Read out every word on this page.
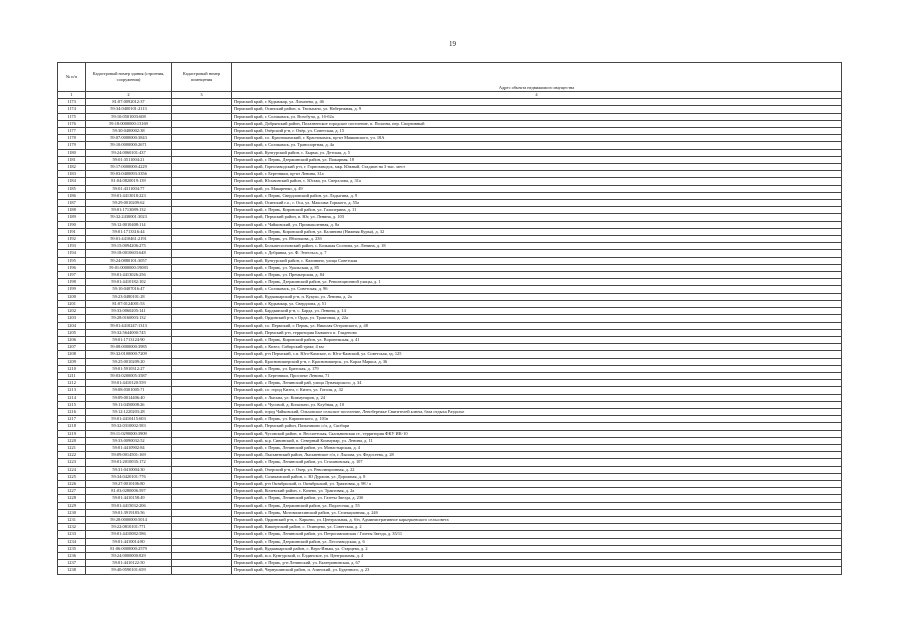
19
№ п/п	Кадастровый номер здания (строения, сооружения)	Кадастровый номер помещения	Адрес объекта недвижимого имущества
1	2	3	4
1173	81:07:0092012:37		Пермский край, г. Кудымкар, ул. Лихачева, д. 46
1174	59:34:0400101:2113		Пермский край, Осинский район, п. Тюльпано, ул. Набережная, д. 9
1175	59:10:0501003:608		Пермский край, г. Соликамск, ул. Всеобуча, д. 1б-б2а
1176	59:18:0000000:13169		Пермский край, Добрянский район, Полазненское городское поселение, п. Полазна, пер. Спортивный
1177	59:30:0400002:38		Пермский край, Очёрский р-н, г. Очёр, ул. Советская, д. 15
1178	59:07:0000000:3843		Пермский край, г.о. Краснокамский, г. Краснокамск, пр-кт Маяковского, уч. 18А
1179	59:10:0000000:2671		Пермский край, г. Соликамск, ул. Транспортная, д. 4а
1180	59:24:0060101:437		Пермский край, Кунгурский район, с. Бырма, ул. Детская, д. 5
1181	59:01:3511004:21		Пермский край, г. Пермь, Дзержинский район, ул. Пожарная, 18
1182	59:17:0000000:4229		Пермский край, Горнозаводский р-н, г. Горнозаводск, мкр. Южный, Стадион на 3 тыс. мест
1183	59:03:0400093:3356		Пермский край, г. Березники, пр-кт Ленина, 31а
1184	81:04:0820019:139		Пермский край, Юсьвинский район, с. Юсьва, ул. Сверхлова, д. 31а
1185	59:01:4311004:77		Пермский край, ул. Макаренко, д. 49
1186	59:01:4413018:223		Пермский край, г. Пермь, Свердловский район, ул. Ладыгина, д. 9
1187	59:29:0010209:62		Пермский край, Осинский г.о., г. Оса, ул. Максима Горького, д. 55а
1188	59:01:1713089:132		Пермский край, г. Пермь, Кировский район, ул. Гальперина, д. 11
1189	59:32:2430001:3023		Пермский край, Пермский район, п. Юг, ул. Ленина, д. 103
1190	59:12:0010408:114		Пермский край, г. Чайковский, ул. Промышленная, д. 8а
1191	59:01:1713316:44		Пермский край, г. Пермь, Кировский район, ул. Калинина (Нижняя Курья), д. 32
1192	59:01:4410461:2191		Пермский край, г. Пермь, ул. Яблочкова, д. 23б
1193	59:15:0094206:275		Пермский край, Большесосновский район, с. Большая Соснова, ул. Ленина, д. 18
1194	59:18:0010603:648		Пермский край, г. Добрянка, ул. Ф. Энгельса, д. 7
1195	59:24:0880101:3057		Пермский край, Кунгурский район, с. Калинино, улица Советская
1196	59:01:0000000:19083		Пермский край, г. Пермь, ул. Уральская, д. 85
1197	59:01:4413026:256		Пермский край, г. Пермь, ул. Премьерская, д. 84
1198	59:01:4410182:102		Пермский край, г. Пермь, Дзержинский район, ул. Революционной улицы, д. 1
1199	59:10:0407016:47		Пермский край, г. Соликамск, ул. Советская, д. 96
1200	59:23:0480101:28		Пермский край, Кудымкарский р-н, п. Кукуш, ул. Ленина, д. 2а
1201	81:07:0124001:53		Пермский край, г. Кудымкар, ул. Свердлова, д. 51
1202	59:33:0060205:141		Пермский край, Бардымский р-н, с. Барда, ул. Ленина, д. 14
1203	59:28:0160003:132		Пермский край, Ординский р-н, с Орда, ул. Трактовая, д. 22а
1204	59:01:4410247:1313		Пермский край, г.о. Пермский, г. Пермь, ул. Николая Островского, д. 48
1205	59:32:5644000:745		Пермский край, Пермский р-н, территория Бывшего п. Гляденово
1206	59:01:1713124:90		Пермский край, г. Пермь, Кировский район, ул. Воронежская, д. 41
1207	59:08:0000000:3985		Пермский край, г. Кизел, Сибирский тракт, 4 км
1208	59:32:0100000:7209		Пермский край, р-н Пермский, с.п. Юго-Камское, п. Юго-Камский, ул. Советская, зд. 125
1209	59:25:0010209:20		Пермский край, Красновишерский р-н, г. Красновишерск, ул. Карла Маркса, д. 36
1210	59:01:5910312:27		Пермский край, г. Пермь, ул. Братская, д. 179
1211	59:03:0200005:3587		Пермский край, г. Березники, Проспект Ленина, 71
1212	59:01:4410120:559		Пермский край, г. Пермь, Ленинский рай, улица Луначарского, д. 34
1213	59:08:0301005:71		Пермский край, г.о. город Кизел, г. Кизел, ул. Гоголя, д. 32
1214	59:09:0014406:40		Пермский край, г. Лысьва, ул. Коммунаров, д. 24
1215	59:11:0450008:26		Пермский край, г. Чусовой, д. Копально, ул. Клубная, д. 10
1216	59:12:1220203:28		Пермский край, город Чайковский, Ольховское сельское поселение, Ленобережье Святителей ключа, база отдыха Раздолье
1217	59:01:4410415:603		Пермский край, г. Пермь, ул. Карпинского, д. 101в
1218	59:32:0310002:583		Пермский край, Пермский район, Пальниково с/п, д. Скобари
1219	59:11:0290000:3909		Пермский край, Чусовской район, п. Вессиетская, Скальнинская ст., территория ФКУ ИК-10
1220	59:33:0090032:52		Пермский край, м.р. Сивинский, п. Северный Коммунар, ул. Ленина, д. 11
1221	59:01:4410902:84		Пермский край, г. Пермь, Ленинский район, ул. Монастырская, д. 4
1222	59:09:0014501:169		Пермский край, Лысьвенский район, Лысьвенское г/п, г. Лысьва, ул. Федосеева, д. 28
1223	59:01:2010035:172		Пермский край, г. Пермь, Ленинский район, ул. Стахановская, д. 107
1224	59:31:0410004:30		Пермский край, Очерский р-н, г. Очер, ул. Революционная, д. 22
1225	59:34:0420101:776		Пермский край, Соликамский район, с. Ю Дурашн, ул. Дорожная, д. 8
1226	59:27:0010106:80		Пермский край, р-н Октябрьский, п. Октябрьский, ул. Трактовая, д. 98 / а
1227	81:03:0280006:597		Пермский край, Кочевский район, с. Кочево, ул. Трактовая, д. 2а
1228	59:01:4410158:49		Пермский край, г. Пермь, Ленинский район, ул. Газеты Звезда, д. 23б
1229	59:01:4415032:206		Пермский край, г. Пермь, Дзержинский район, ул. Подлесная, д. 55
1230	59:01:3919183:56		Пермский край, г. Пермь, Мотовилихинский район, ул. Селекционная, д. 24б
1231	59:28:0000000:5014		Пермский край, Ординский р-н, с. Карьево, ул. Центральная, д. б/н, Административное карьерьевского сельсовета
1232	59:22:0810101:771		Пермский край, Кишертский район, с. Осинцево, ул. Советская, д. 2
1233	59:01:4410082:586		Пермский край, г. Пермь, Ленинский район, ул. Петропавловская / Газеты Звезда, д. 35/11
1234	59:01:4410014:80		Пермский край, г. Пермь, Дзержинский район, ул. Лесозаводская, д. 6
1235	81:06:0000000:2579		Пермский край, Кудымкарский район, с. Верх-Иньва, ул. Старцева, д. 2
1236	59:24:0000000:829		Пермский край, м.о. Кунгурский, п. Ёлдинское, ул. Центральная, д. 4
1237	59:01:4410122:50		Пермский край, г. Пермь, р-н Ленинский, ул. Екатерининская, д. 67
1238	59:40:0590101:659		Пермский край, Чернушинский район, п. Азинский, ул. Буденного, д. 23
